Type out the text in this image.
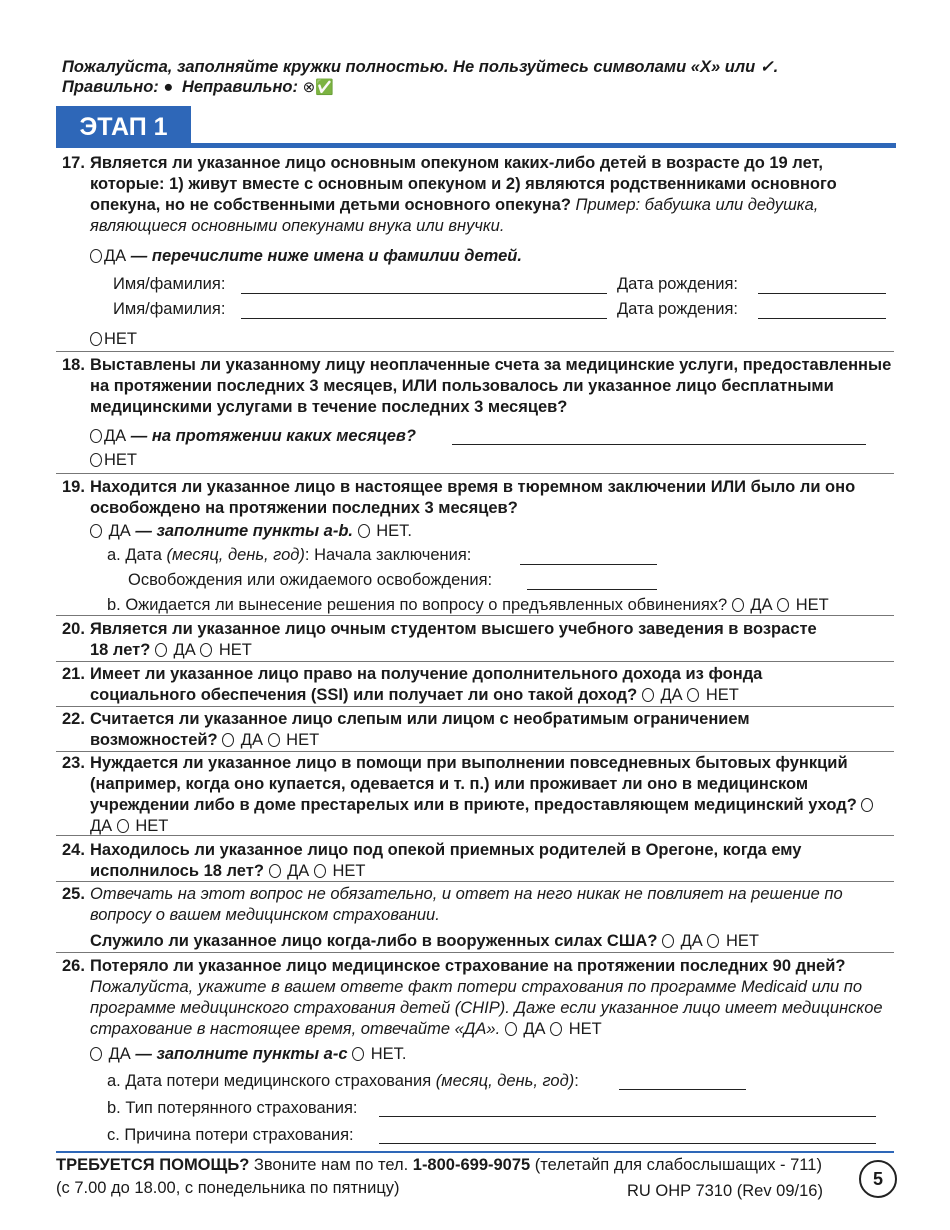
Пожалуйста, заполняйте кружки полностью. Не пользуйтесь символами «X» или ✓.
Правильно: ● Неправильно: ⊗✅
ЭТАП 1
17. Является ли указанное лицо основным опекуном каких-либо детей в возрасте до 19 лет, которые: 1) живут вместе с основным опекуном и 2) являются родственниками основного опекуна, но не собственными детьми основного опекуна? Пример: бабушка или дедушка, являющиеся основными опекунами внука или внучки.
ДА — перечислите ниже имена и фамилии детей.
Имя/фамилия:	Дата рождения:
Имя/фамилия:	Дата рождения:
НЕТ
18. Выставлены ли указанному лицу неоплаченные счета за медицинские услуги, предоставленные на протяжении последних 3 месяцев, ИЛИ пользовалось ли указанное лицо бесплатными медицинскими услугами в течение последних 3 месяцев?
ДА — на протяжении каких месяцев?
НЕТ
19. Находится ли указанное лицо в настоящее время в тюремном заключении ИЛИ было ли оно освобождено на протяжении последних 3 месяцев?
ДА — заполните пункты a-b. НЕТ.
a. Дата (месяц, день, год): Начала заключения:
Освобождения или ожидаемого освобождения:
b. Ожидается ли вынесение решения по вопросу о предъявленных обвинениях? ДА НЕТ
20. Является ли указанное лицо очным студентом высшего учебного заведения в возрасте
18 лет? ДА НЕТ
21. Имеет ли указанное лицо право на получение дополнительного дохода из фонда
социального обеспечения (SSI) или получает ли оно такой доход? ДА НЕТ
22. Считается ли указанное лицо слепым или лицом с необратимым ограничением
возможностей? ДА НЕТ
23. Нуждается ли указанное лицо в помощи при выполнении повседневных бытовых функций (например, когда оно купается, одевается и т. п.) или проживает ли оно в медицинском учреждении либо в доме престарелых или в приюте, предоставляющем медицинский уход?  ДА НЕТ
24. Находилось ли указанное лицо под опекой приемных родителей в Орегоне, когда ему
исполнилось 18 лет? ДА НЕТ
25. Отвечать на этот вопрос не обязательно, и ответ на него никак не повлияет на решение по вопросу о вашем медицинском страховании.
Служило ли указанное лицо когда-либо в вооруженных силах США? ДА НЕТ
26. Потеряло ли указанное лицо медицинское страхование на протяжении последних 90 дней? Пожалуйста, укажите в вашем ответе факт потери страхования по программе Medicaid или по программе медицинского страхования детей (CHIP). Даже если указанное лицо имеет медицинское страхование в настоящее время, отвечайте «ДА». ДА НЕТ
ДА — заполните пункты a-c НЕТ.
a. Дата потери медицинского страхования (месяц, день, год):
b. Тип потерянного страхования:
c. Причина потери страхования:
ТРЕБУЕТСЯ ПОМОЩЬ? Звоните нам по тел. 1-800-699-9075 (телетайп для слабослышащих - 711)
(с 7.00 до 18.00, с понедельника по пятницу)	RU OHP 7310 (Rev 09/16)
5
